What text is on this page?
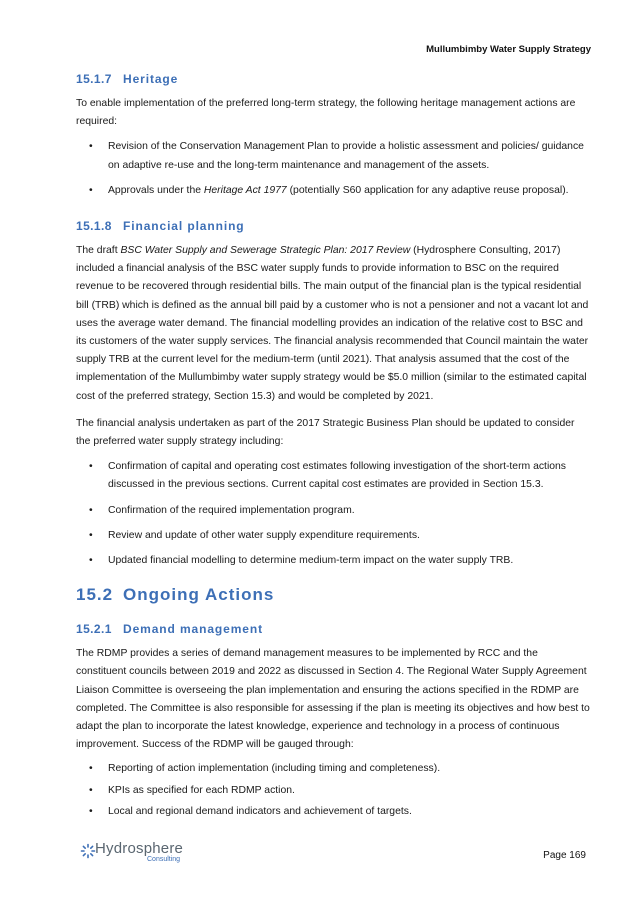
Mullumbimby Water Supply Strategy
15.1.7 Heritage

To enable implementation of the preferred long-term strategy, the following heritage management actions are required:

• Revision of the Conservation Management Plan to provide a holistic assessment and policies/ guidance on adaptive re-use and the long-term maintenance and management of the assets.
• Approvals under the Heritage Act 1977 (potentially S60 application for any adaptive reuse proposal).
15.1.8 Financial planning

The draft BSC Water Supply and Sewerage Strategic Plan: 2017 Review (Hydrosphere Consulting, 2017) included a financial analysis of the BSC water supply funds to provide information to BSC on the required revenue to be recovered through residential bills. The main output of the financial plan is the typical residential bill (TRB) which is defined as the annual bill paid by a customer who is not a pensioner and not a vacant lot and uses the average water demand. The financial modelling provides an indication of the relative cost to BSC and its customers of the water supply services. The financial analysis recommended that Council maintain the water supply TRB at the current level for the medium-term (until 2021). That analysis assumed that the cost of the implementation of the Mullumbimby water supply strategy would be $5.0 million (similar to the estimated capital cost of the preferred strategy, Section 15.3) and would be completed by 2021.

The financial analysis undertaken as part of the 2017 Strategic Business Plan should be updated to consider the preferred water supply strategy including:

• Confirmation of capital and operating cost estimates following investigation of the short-term actions discussed in the previous sections. Current capital cost estimates are provided in Section 15.3.
• Confirmation of the required implementation program.
• Review and update of other water supply expenditure requirements.
• Updated financial modelling to determine medium-term impact on the water supply TRB.
15.2 Ongoing Actions
15.2.1 Demand management

The RDMP provides a series of demand management measures to be implemented by RCC and the constituent councils between 2019 and 2022 as discussed in Section 4. The Regional Water Supply Agreement Liaison Committee is overseeing the plan implementation and ensuring the actions specified in the RDMP are completed. The Committee is also responsible for assessing if the plan is meeting its objectives and how best to adapt the plan to incorporate the latest knowledge, experience and technology in a process of continuous improvement. Success of the RDMP will be gauged through:

• Reporting of action implementation (including timing and completeness).
• KPIs as specified for each RDMP action.
• Local and regional demand indicators and achievement of targets.
Hydrosphere
Consulting	Page 169
